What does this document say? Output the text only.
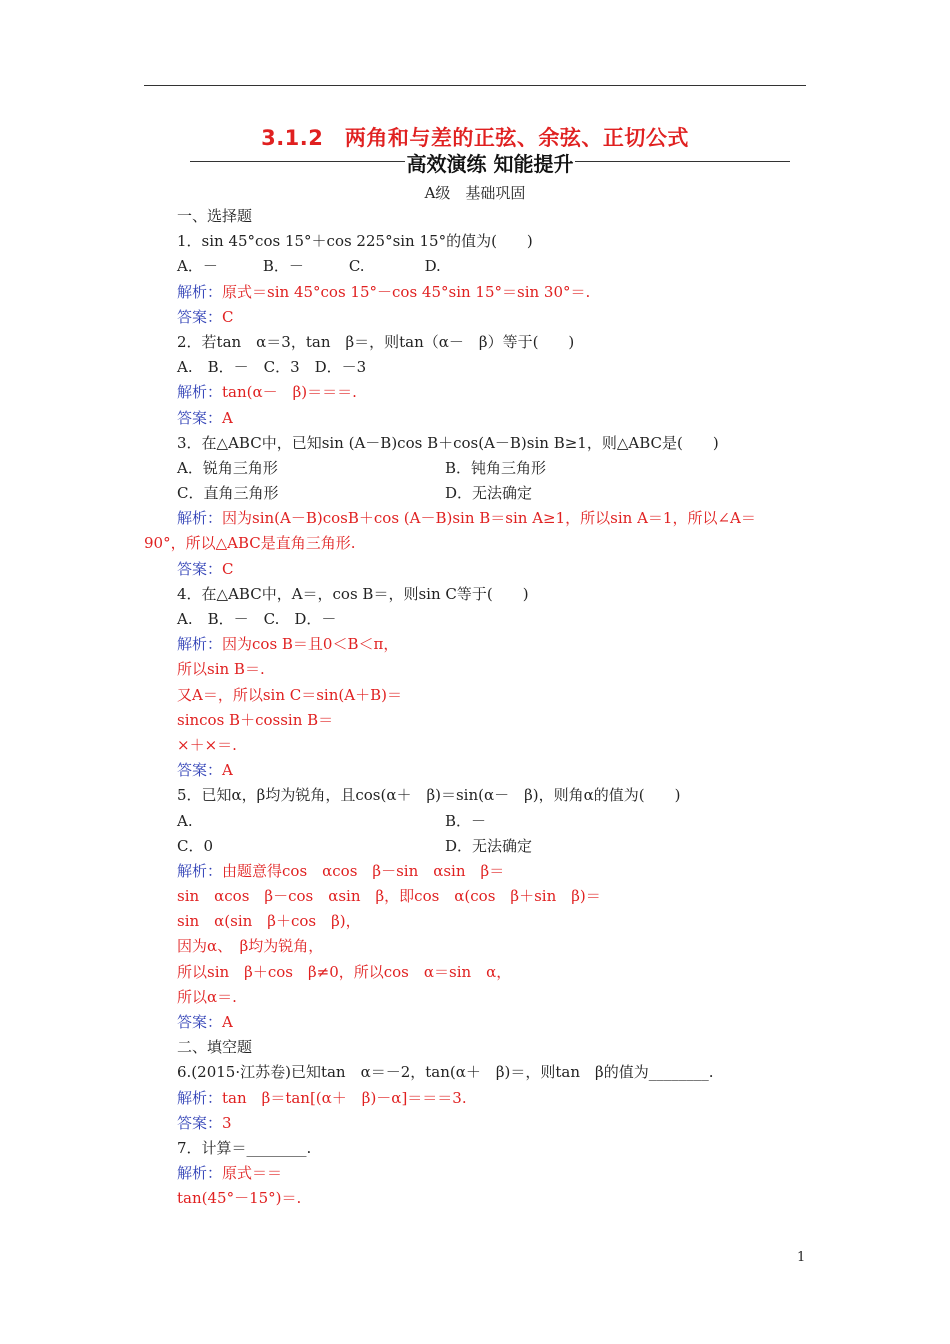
3.1.2　两角和与差的正弦、余弦、正切公式
高效演练 知能提升
A级　基础巩固
一、选择题
1．sin 45°cos 15°＋cos 225°sin 15°的值为(　　)
A．－　　　B．－　　　C.　　　　D.
解析：原式＝sin 45°cos 15°－cos 45°sin 15°＝sin 30°＝.
答案：C
2．若tan　α＝3，tan　β＝，则tan（α－　β）等于(　　)
A.　B．－　C．3　D．－3
解析：tan(α－　β)＝＝＝.
答案：A
3．在△ABC中，已知sin (A－B)cos B＋cos(A－B)sin B≥1，则△ABC是(　　)
A．锐角三角形	B．钝角三角形
C．直角三角形	D．无法确定
解析：因为sin(A－B)cosB＋cos (A－B)sin B＝sin A≥1，所以sin A＝1，所以∠A＝
90°，所以△ABC是直角三角形.
答案：C
4．在△ABC中，A＝，cos B＝，则sin C等于(　　)
A.　B．－　C.　D．－
解析：因为cos B＝且0＜B＜π，
所以sin B＝.
又A＝，所以sin C＝sin(A＋B)＝
sincos B＋cossin B＝
×＋×＝.
答案：A
5．已知α，β均为锐角，且cos(α＋　β)＝sin(α－　β)，则角α的值为(　　)
A.	B．－
C．0	D．无法确定
解析：由题意得cos　αcos　β－sin　αsin　β＝
sin　αcos　β－cos　αsin　β，即cos　α(cos　β＋sin　β)＝
sin　α(sin　β＋cos　β)，
因为α、　β均为锐角，
所以sin　β＋cos　β≠0，所以cos　α＝sin　α，
所以α＝.
答案：A
二、填空题
6.(2015·江苏卷)已知tan　α＝－2，tan(α＋　β)＝，则tan　β的值为________.
解析：tan　β＝tan[(α＋　β)－α]＝＝＝3.
答案：3
7．计算＝________.
解析：原式＝＝
tan(45°－15°)＝.
1
